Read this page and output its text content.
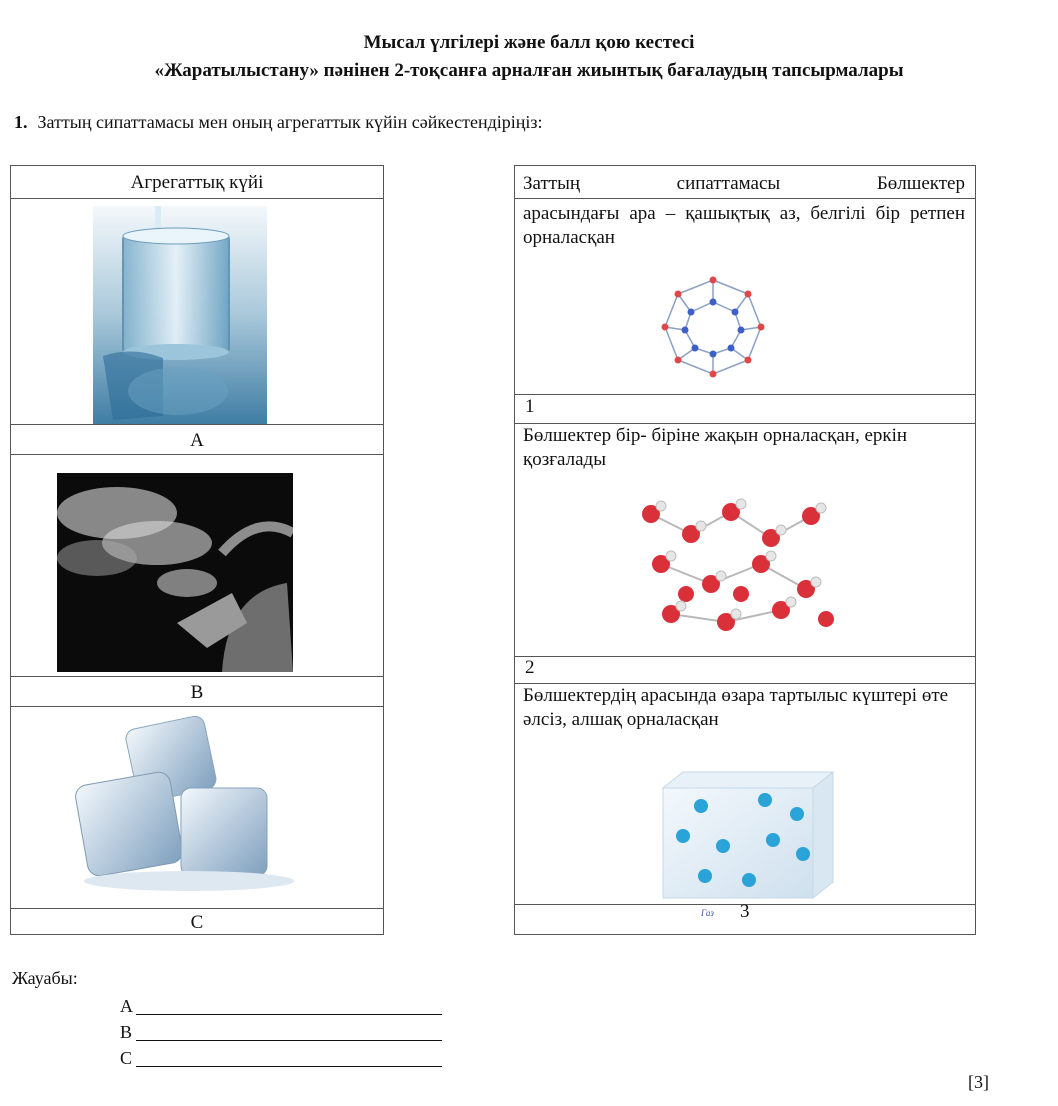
Мысал үлгілері және балл қою кестесі
«Жаратылыстану» пәнінен 2-тоқсанға арналған жиынтық бағалаудың тапсырмалары
1. Заттың сипаттамасы мен оның агрегаттык күйін сәйкестендіріңіз:
Агрегаттық күйі
A
B
C
Заттың сипаттамасы Бөлшектер
арасындағы ара – қашықтық аз, белгілі бір ретпен орналасқан
1
Бөлшектер бір- біріне жақын орналасқан, еркін қозғалады
2
Бөлшектердің арасында өзара тартылыс күштері өте әлсіз, алшақ орналасқан
Газ 3
Жауабы:
A
B
C
[3]
